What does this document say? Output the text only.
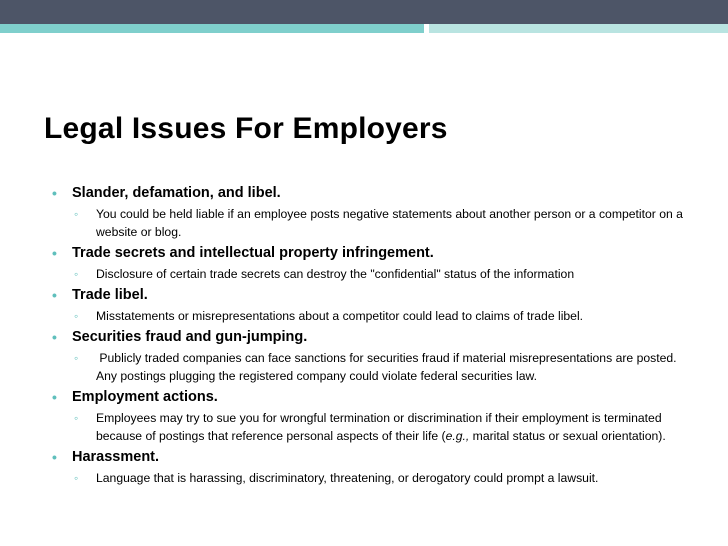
Legal Issues For Employers
•	Slander, defamation, and libel.
◦	You could be held liable if an employee posts negative statements about another person or a competitor on a website or blog.
•	Trade secrets and intellectual property infringement.
◦	Disclosure of certain trade secrets can destroy the "confidential" status of the information
•	Trade libel.
◦	Misstatements or misrepresentations about a competitor could lead to claims of trade libel.
•	Securities fraud and gun-jumping.
◦	Publicly traded companies can face sanctions for securities fraud if material misrepresentations are posted. Any postings plugging the registered company could violate federal securities law.
•	Employment actions.
◦	Employees may try to sue you for wrongful termination or discrimination if their employment is terminated because of postings that reference personal aspects of their life (e.g., marital status or sexual orientation).
•	Harassment.
◦	Language that is harassing, discriminatory, threatening, or derogatory could prompt a lawsuit.
